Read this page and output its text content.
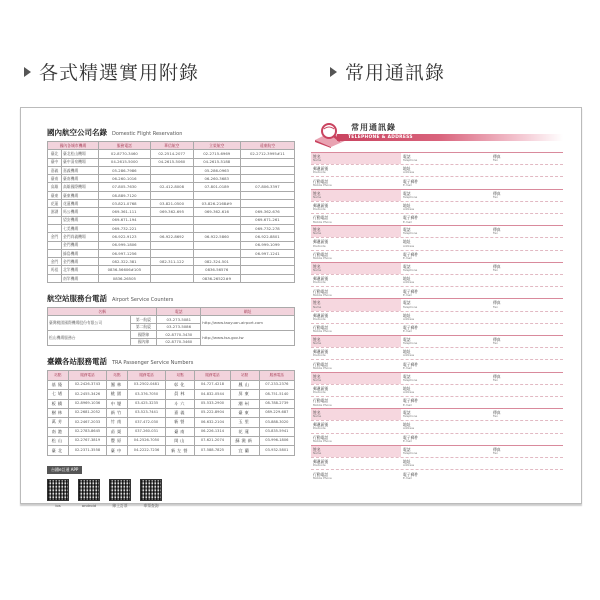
各式精選實用附錄	常用通訊錄
國內航空公司名錄 Domestic Flight Reservation
國內各城市機場		服務電話	華信航空	立榮航空	遠東航空
臺北	臺北松山機場	02-8770-3460	02-2514-2077	02-2715-6969	02-2712-3995#11
臺中	臺中清泉機場	04-2615-5000	04-2615-5060	04-2615-5188	
嘉義	嘉義機場	05-286-7986		05-286-0963	
臺南	臺南機場	06-260-1016		06-260-3683	
高雄	高雄國際機場	07-805-7630	02-412-8008	07-801-0189	07-806-3397
臺東	臺東機場	08-889-7120			
花蓮	花蓮機場	03-821-0768	03-821-0500	03-826-2168#9	
澎湖	馬公機場	069-361-111	069-362-695	069-362-616	069-362-676
	望安機場	069-671-194			069-671-261
	七美機場	069-732-221			069-732-278
金門	金門尚義機場	06-922-9123	06-922-8692	06-922-5860	06-922-8801
	金門機場	06-999-1806			06-999-1099
	綠島機場	06-997-1256			06-997-1241
金門	金門機場	082-322-381	082-311-122	082-324-501	
馬祖	北竿機場	0836-56606#105		0836-56576	
	南竿機場	0836-26505		0836-26522#9	
航空站服務台電話 Airport Service Counters
名稱		電話	網址
臺灣桃園國際機場股份有限公司	第一航廈	03-273-5081	http://www.taoyuan-airport.com
	第二航廈	03-273-5086	
松山機場服務台	國際線	02-8770-3430	http://www.tsa.gov.tw
	國內線	02-8770-3460	
臺鐵各站服務電話 TRA Passenger Service Numbers
站點	服務電話	站點	服務電話	站點	服務電話	站點	服務電話
基隆	02-2426-3743	鳳林	03-2502-0481	彰化	04-727-4218	鳳山	07-233-2376
七堵	02-2455-3426	桃園	03-376-7050	員林	04-832-0544	屏東	08-751-5140
板橋	02-8969-1036	中壢	03-425-3235	斗六	05-533-2900	潮州	08-788-2739
樹林	02-2681-2052	新竹	03-523-7441	嘉義	05-222-8904	臺東	089-229-687
萬芳	02-2467-2033	竹南	037-472-030	新營	06-632-2104	玉里	03-888-3020
南港	02-2783-8645	苗栗	037-260-031	臺南	06-226-1314	花蓮	03-835-5941
松山	02-2767-3819	豐原	04-2526-7050	岡山	07-621-2074	蘇澳新	03-996-1806
臺北	02-2371-3558	臺中	04-2222-7236	新左營	07-588-7825	宜蘭	03-932-5801
台鐵e訂通 APP
ios	android	線上訂票	車票查詢
常用通訊錄
TELEPHONE & ADDRESS
姓名
Name
電話
Telephone
傳真
Fax
郵遞區號
Postcode
地址
Address
行動電話
Mobile Phone
電子郵件
E-mail
姓名
Name
電話
Telephone
傳真
Fax
郵遞區號
Postcode
地址
Address
行動電話
Mobile Phone
電子郵件
E-mail
姓名
Name
電話
Telephone
傳真
Fax
郵遞區號
Postcode
地址
Address
行動電話
Mobile Phone
電子郵件
E-mail
姓名
Name
電話
Telephone
傳真
Fax
郵遞區號
Postcode
地址
Address
行動電話
Mobile Phone
電子郵件
E-mail
姓名
Name
電話
Telephone
傳真
Fax
郵遞區號
Postcode
地址
Address
行動電話
Mobile Phone
電子郵件
E-mail
姓名
Name
電話
Telephone
傳真
Fax
郵遞區號
Postcode
地址
Address
行動電話
Mobile Phone
電子郵件
E-mail
姓名
Name
電話
Telephone
傳真
Fax
郵遞區號
Postcode
地址
Address
行動電話
Mobile Phone
電子郵件
E-mail
姓名
Name
電話
Telephone
傳真
Fax
郵遞區號
Postcode
地址
Address
行動電話
Mobile Phone
電子郵件
E-mail
姓名
Name
電話
Telephone
傳真
Fax
郵遞區號
Postcode
地址
Address
行動電話
Mobile Phone
電子郵件
E-mail
